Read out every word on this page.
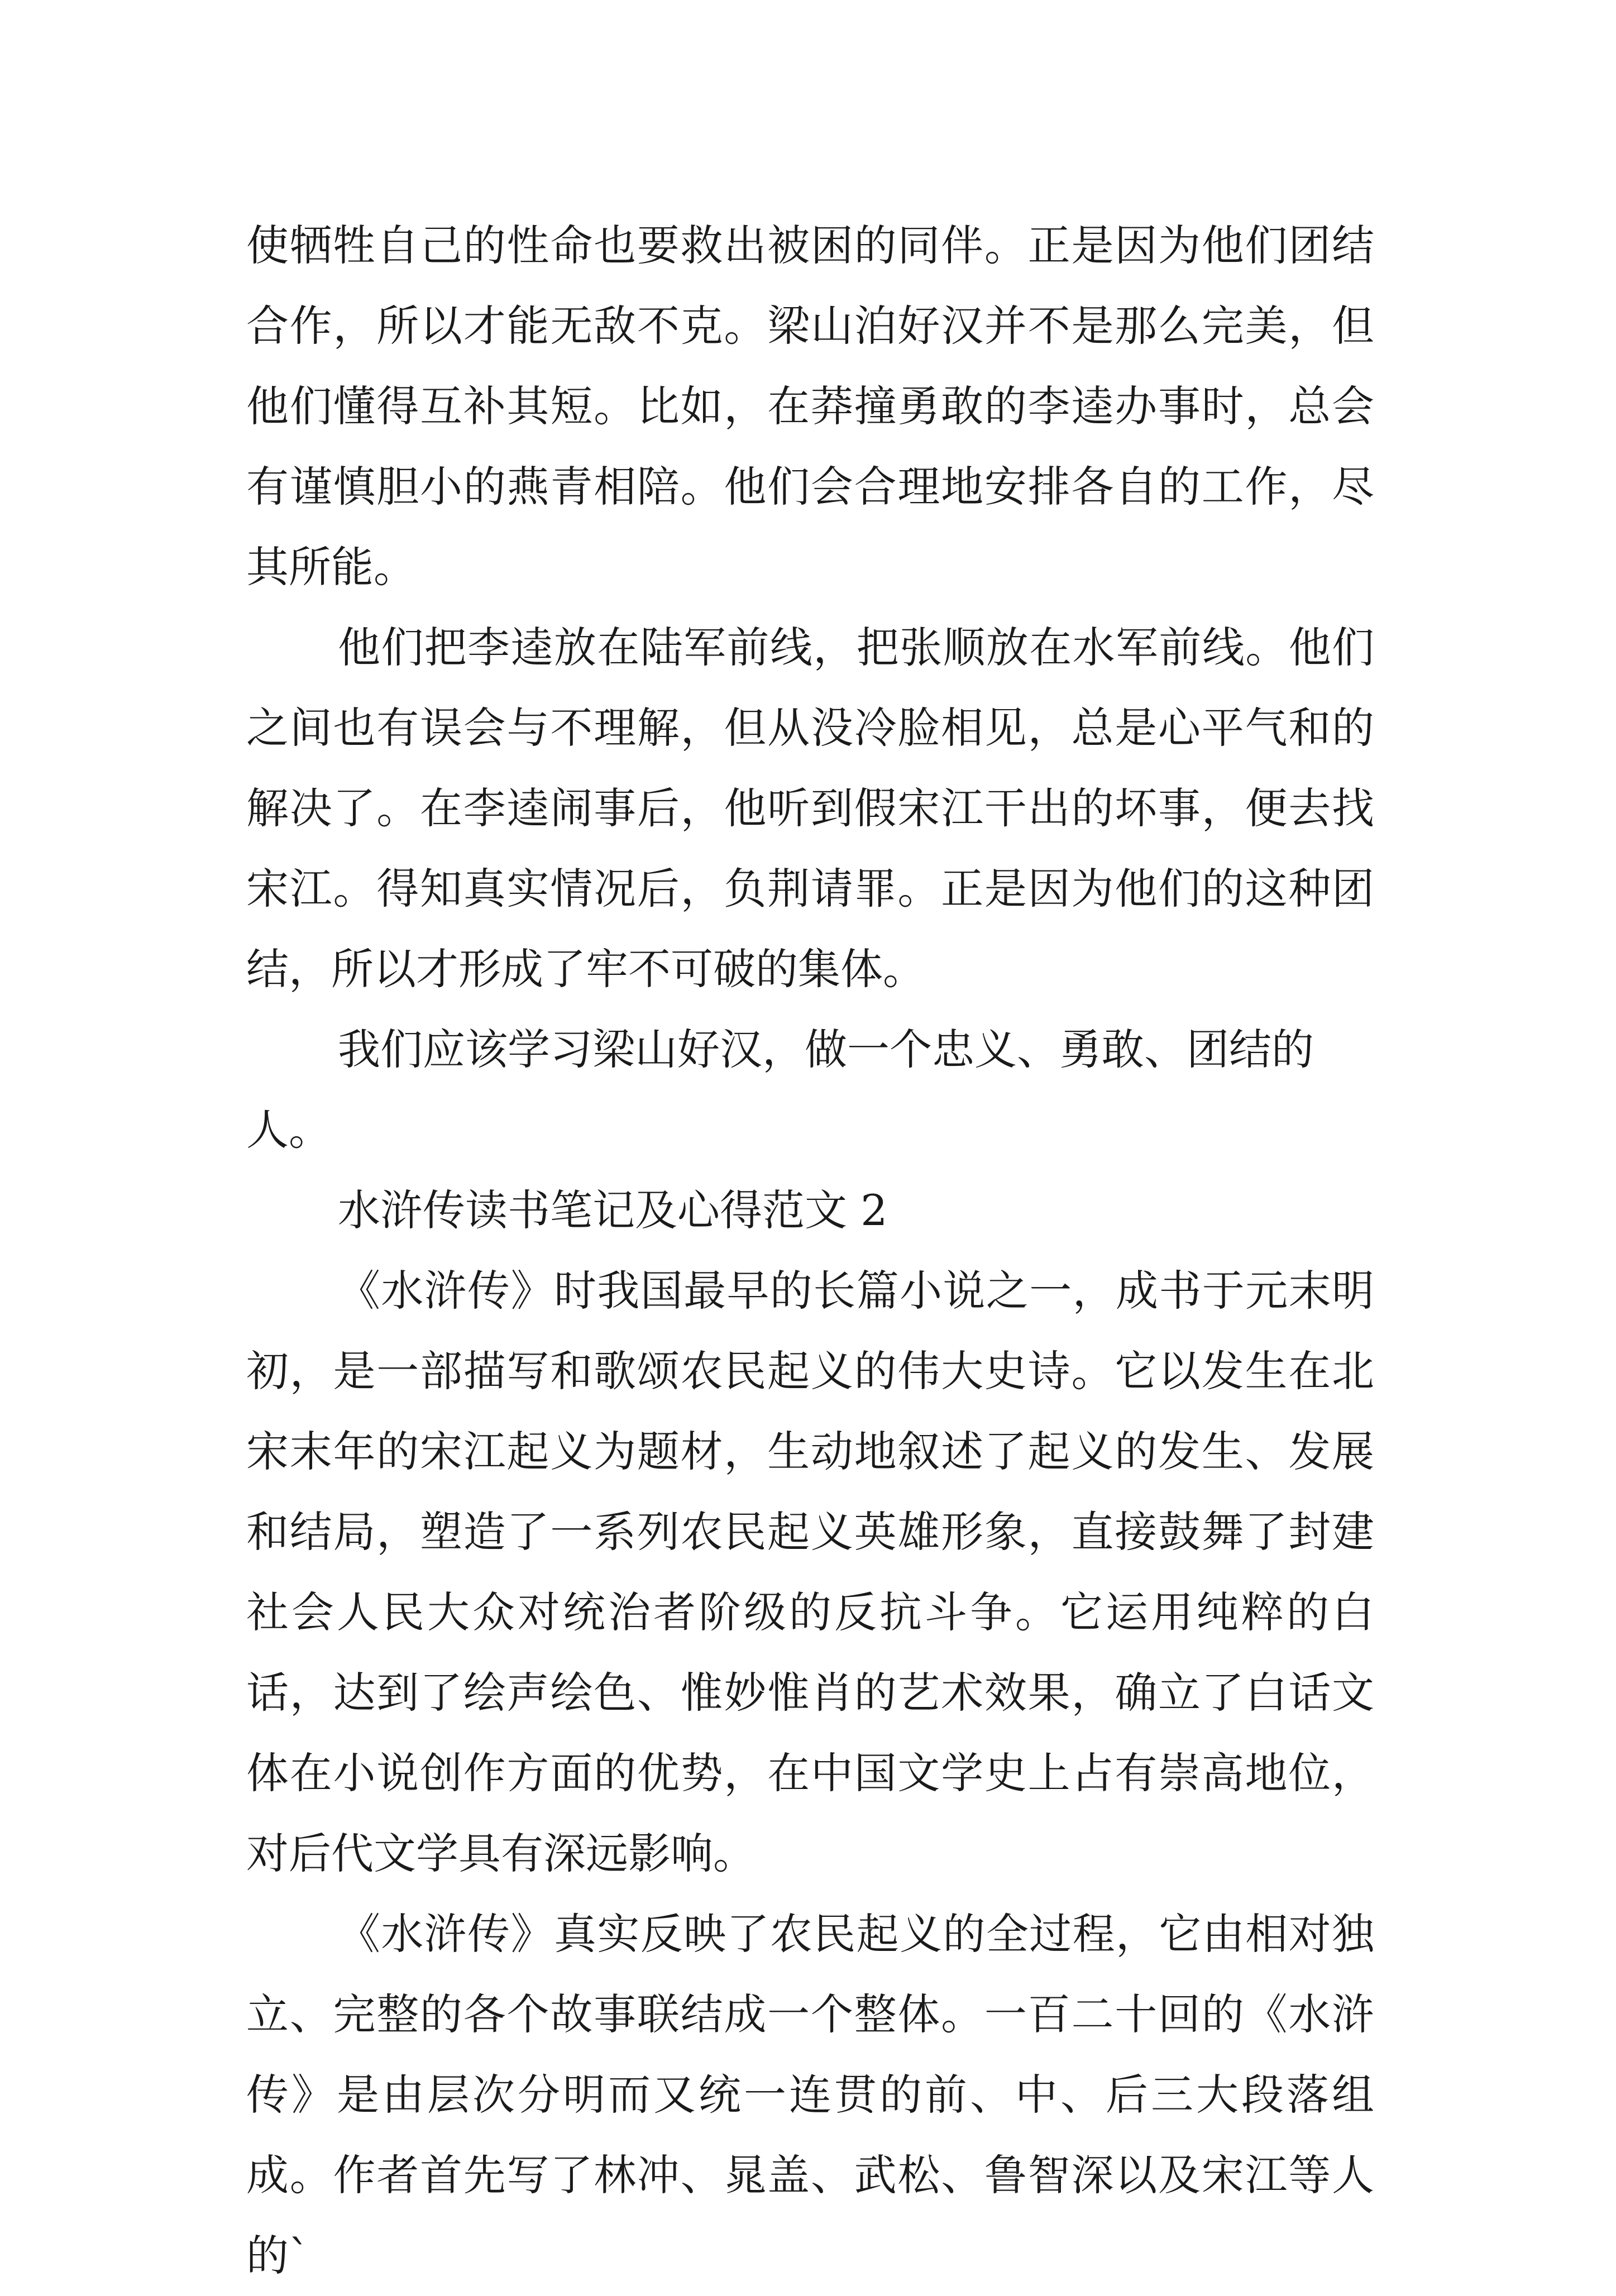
使牺牲自己的性命也要救出被困的同伴。正是因为他们团结合作，所以才能无敌不克。梁山泊好汉并不是那么完美，但他们懂得互补其短。比如，在莽撞勇敢的李逵办事时，总会有谨慎胆小的燕青相陪。他们会合理地安排各自的工作，尽其所能。

他们把李逵放在陆军前线，把张顺放在水军前线。他们之间也有误会与不理解，但从没冷脸相见，总是心平气和的解决了。在李逵闹事后，他听到假宋江干出的坏事，便去找宋江。得知真实情况后，负荆请罪。正是因为他们的这种团结，所以才形成了牢不可破的集体。

我们应该学习梁山好汉，做一个忠义、勇敢、团结的人。

水浒传读书笔记及心得范文 2

《水浒传》时我国最早的长篇小说之一，成书于元末明初，是一部描写和歌颂农民起义的伟大史诗。它以发生在北宋末年的宋江起义为题材，生动地叙述了起义的发生、发展和结局，塑造了一系列农民起义英雄形象，直接鼓舞了封建社会人民大众对统治者阶级的反抗斗争。它运用纯粹的白话，达到了绘声绘色、惟妙惟肖的艺术效果，确立了白话文体在小说创作方面的优势，在中国文学史上占有崇高地位，对后代文学具有深远影响。

《水浒传》真实反映了农民起义的全过程，它由相对独立、完整的各个故事联结成一个整体。一百二十回的《水浒传》是由层次分明而又统一连贯的前、中、后三大段落组成。作者首先写了林冲、晁盖、武松、鲁智深以及宋江等人的`
